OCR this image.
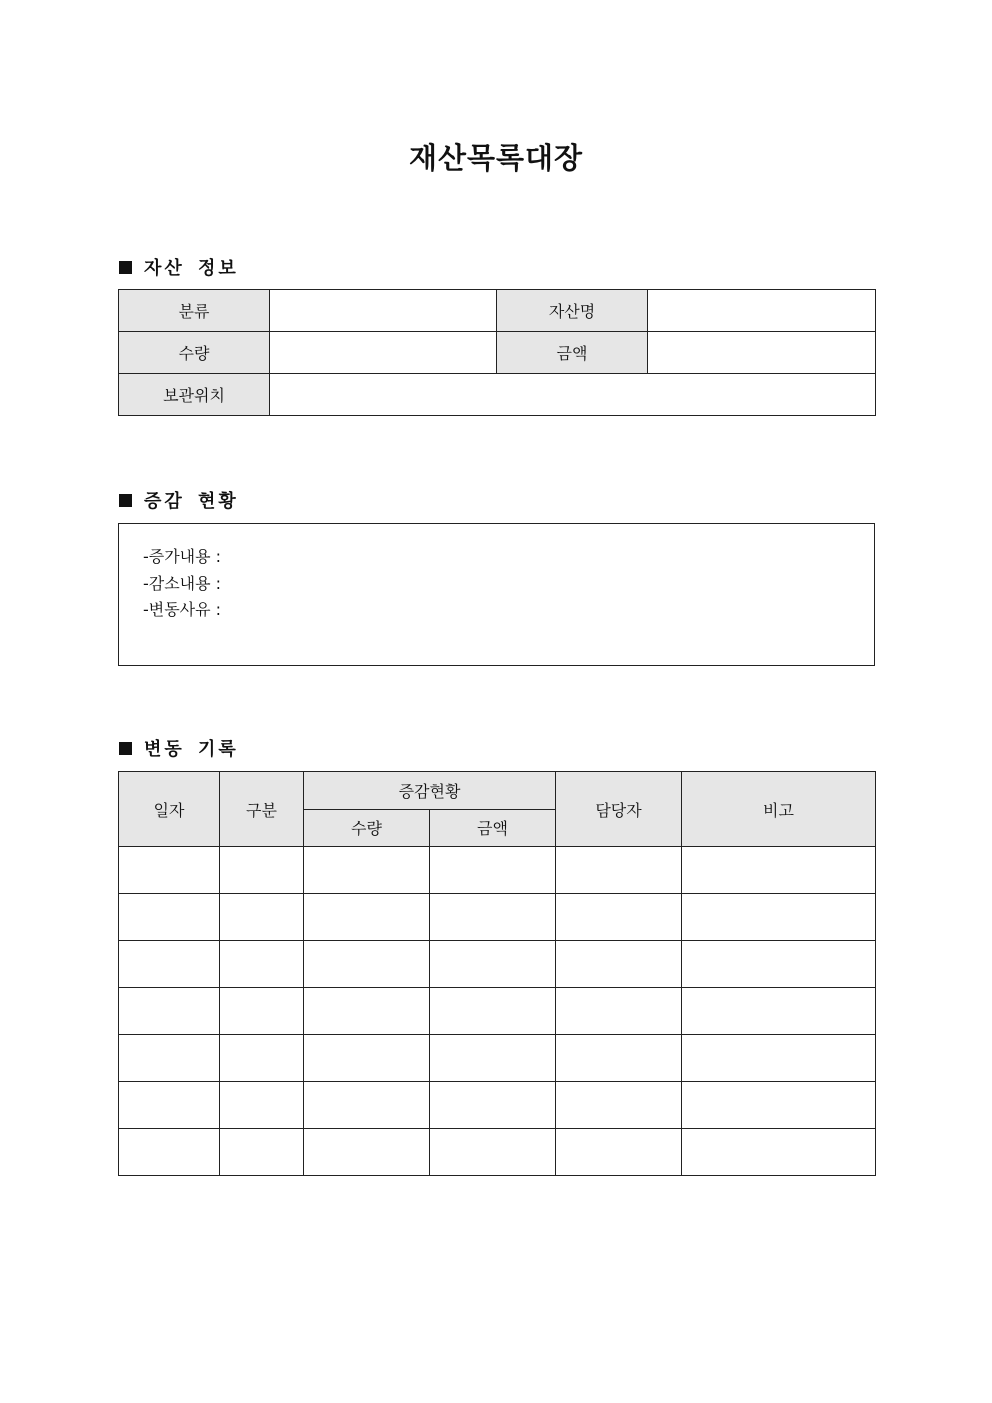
재산목록대장
자산 정보
분류		자산명	
수량		금액	
보관위치			
증감 현황
-증가내용 :
-감소내용 :
-변동사유 :
변동 기록
일자	구분	증감현황		담당자	비고
		수량	금액		
